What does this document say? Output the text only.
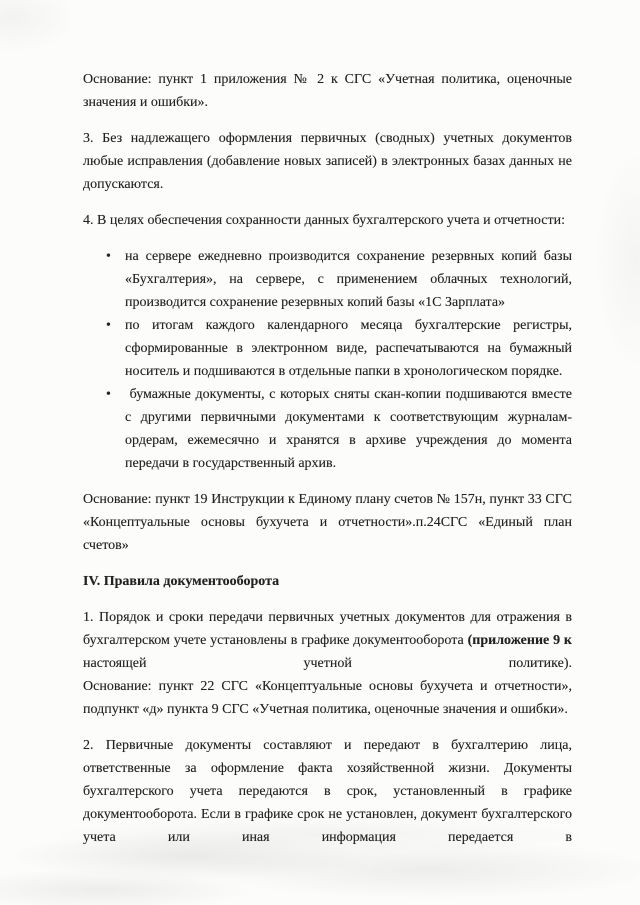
Основание: пункт 1 приложения № 2 к СГС «Учетная политика, оценочные значения и ошибки».
3. Без надлежащего оформления первичных (сводных) учетных документов любые исправления (добавление новых записей) в электронных базах данных не допускаются.
4. В целях обеспечения сохранности данных бухгалтерского учета и отчетности:
• на сервере ежедневно производится сохранение резервных копий базы «Бухгалтерия», на сервере, с применением облачных технологий, производится сохранение резервных копий базы «1С Зарплата»
• по итогам каждого календарного месяца бухгалтерские регистры, сформированные в электронном виде, распечатываются на бумажный носитель и подшиваются в отдельные папки в хронологическом порядке.
•  бумажные документы, с которых сняты скан-копии подшиваются вместе с другими первичными документами к соответствующим журналам-ордерам, ежемесячно и хранятся в архиве учреждения до момента передачи в государственный архив.
Основание: пункт 19 Инструкции к Единому плану счетов № 157н, пункт 33 СГС «Концептуальные основы бухучета и отчетности».п.24СГС «Единый план счетов»
IV. Правила документооборота
1. Порядок и сроки передачи первичных учетных документов для отражения в бухгалтерском учете установлены в графике документооборота (приложение 9 к настоящей учетной политике).
Основание: пункт 22 СГС «Концептуальные основы бухучета и отчетности», подпункт «д» пункта 9 СГС «Учетная политика, оценочные значения и ошибки».
2. Первичные документы составляют и передают в бухгалтерию лица, ответственные за оформление факта хозяйственной жизни. Документы бухгалтерского учета передаются в срок, установленный в графике документооборота. Если в графике срок не установлен, документ бухгалтерского учета или иная информация передается в
